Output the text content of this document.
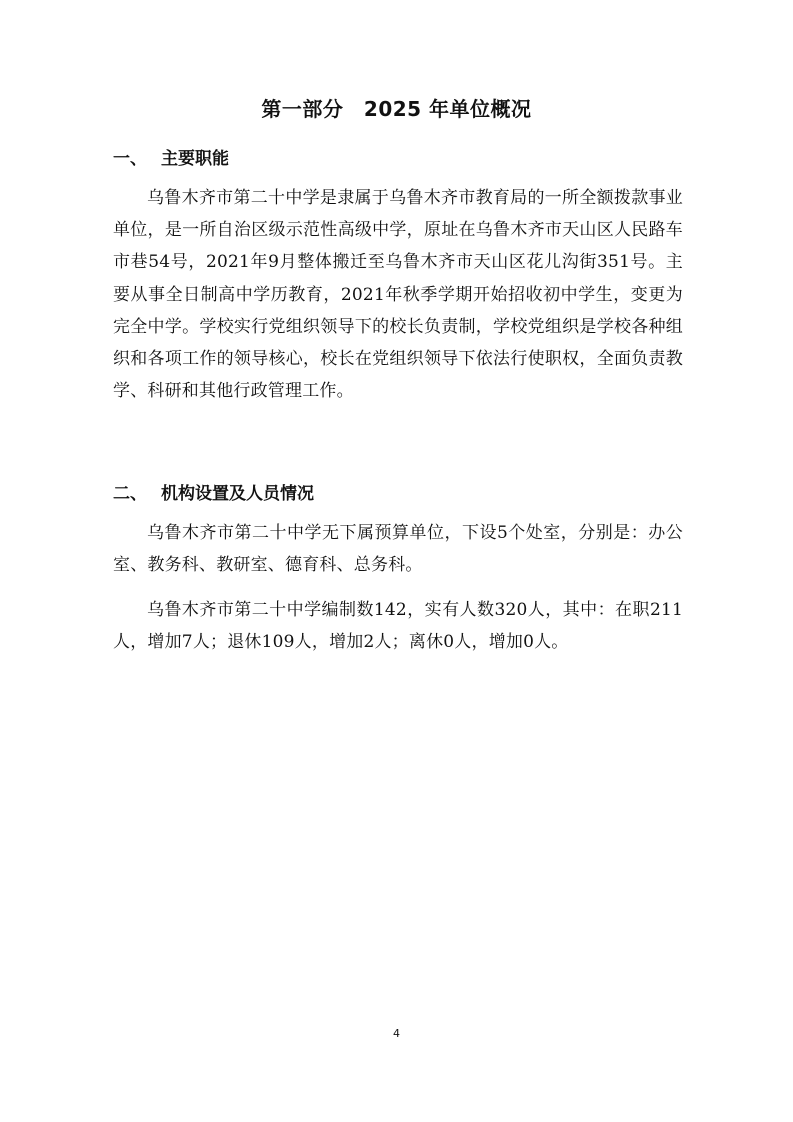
第一部分　2025 年单位概况
一、 主要职能
乌鲁木齐市第二十中学是隶属于乌鲁木齐市教育局的一所全额拨款事业单位，是一所自治区级示范性高级中学，原址在乌鲁木齐市天山区人民路车市巷54号，2021年9月整体搬迁至乌鲁木齐市天山区花儿沟街351号。主要从事全日制高中学历教育，2021年秋季学期开始招收初中学生，变更为完全中学。学校实行党组织领导下的校长负责制，学校党组织是学校各种组织和各项工作的领导核心，校长在党组织领导下依法行使职权，全面负责教学、科研和其他行政管理工作。
二、 机构设置及人员情况
乌鲁木齐市第二十中学无下属预算单位，下设5个处室，分别是：办公室、教务科、教研室、德育科、总务科。
乌鲁木齐市第二十中学编制数142，实有人数320人，其中：在职211人，增加7人；退休109人，增加2人；离休0人，增加0人。
4
